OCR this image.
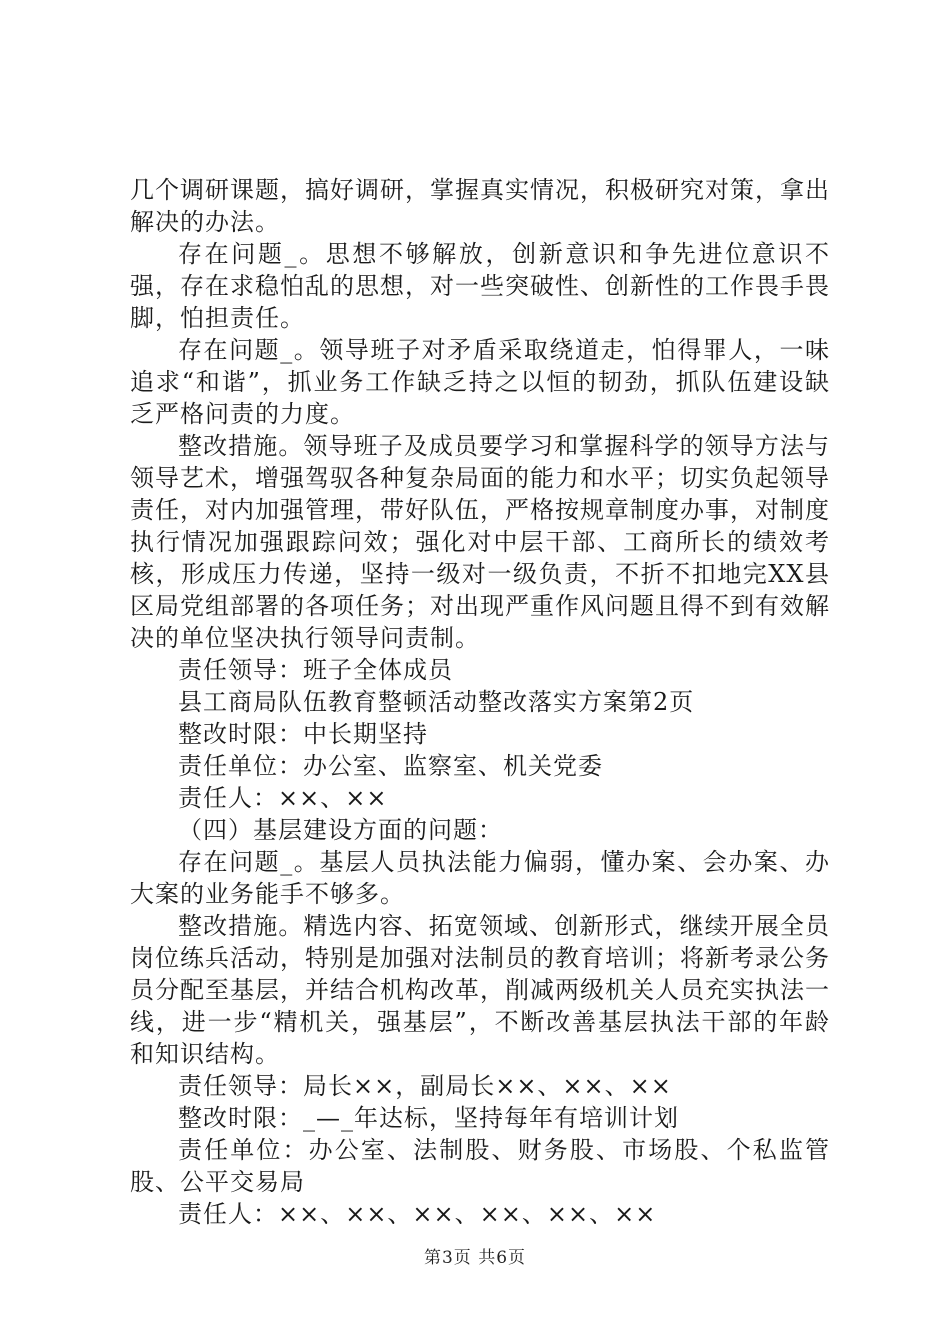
几个调研课题，搞好调研，掌握真实情况，积极研究对策，拿出解决的办法。

存在问题_。思想不够解放，创新意识和争先进位意识不强，存在求稳怕乱的思想，对一些突破性、创新性的工作畏手畏脚，怕担责任。

存在问题_。领导班子对矛盾采取绕道走，怕得罪人，一味追求“和谐”，抓业务工作缺乏持之以恒的韧劲，抓队伍建设缺乏严格问责的力度。

整改措施。领导班子及成员要学习和掌握科学的领导方法与领导艺术，增强驾驭各种复杂局面的能力和水平；切实负起领导责任，对内加强管理，带好队伍，严格按规章制度办事，对制度执行情况加强跟踪问效；强化对中层干部、工商所长的绩效考核，形成压力传递，坚持一级对一级负责，不折不扣地完XX县区局党组部署的各项任务；对出现严重作风问题且得不到有效解决的单位坚决执行领导问责制。

责任领导：班子全体成员

县工商局队伍教育整顿活动整改落实方案第2页

整改时限：中长期坚持

责任单位：办公室、监察室、机关党委

责任人：××、××

（四）基层建设方面的问题：

存在问题_。基层人员执法能力偏弱，懂办案、会办案、办大案的业务能手不够多。

整改措施。精选内容、拓宽领域、创新形式，继续开展全员岗位练兵活动，特别是加强对法制员的教育培训；将新考录公务员分配至基层，并结合机构改革，削减两级机关人员充实执法一线，进一步“精机关，强基层”，不断改善基层执法干部的年龄和知识结构。

责任领导：局长××，副局长××、××、××

整改时限：_—_年达标，坚持每年有培训计划

责任单位：办公室、法制股、财务股、市场股、个私监管股、公平交易局

责任人：××、××、××、××、××、××

第3页 共6页
